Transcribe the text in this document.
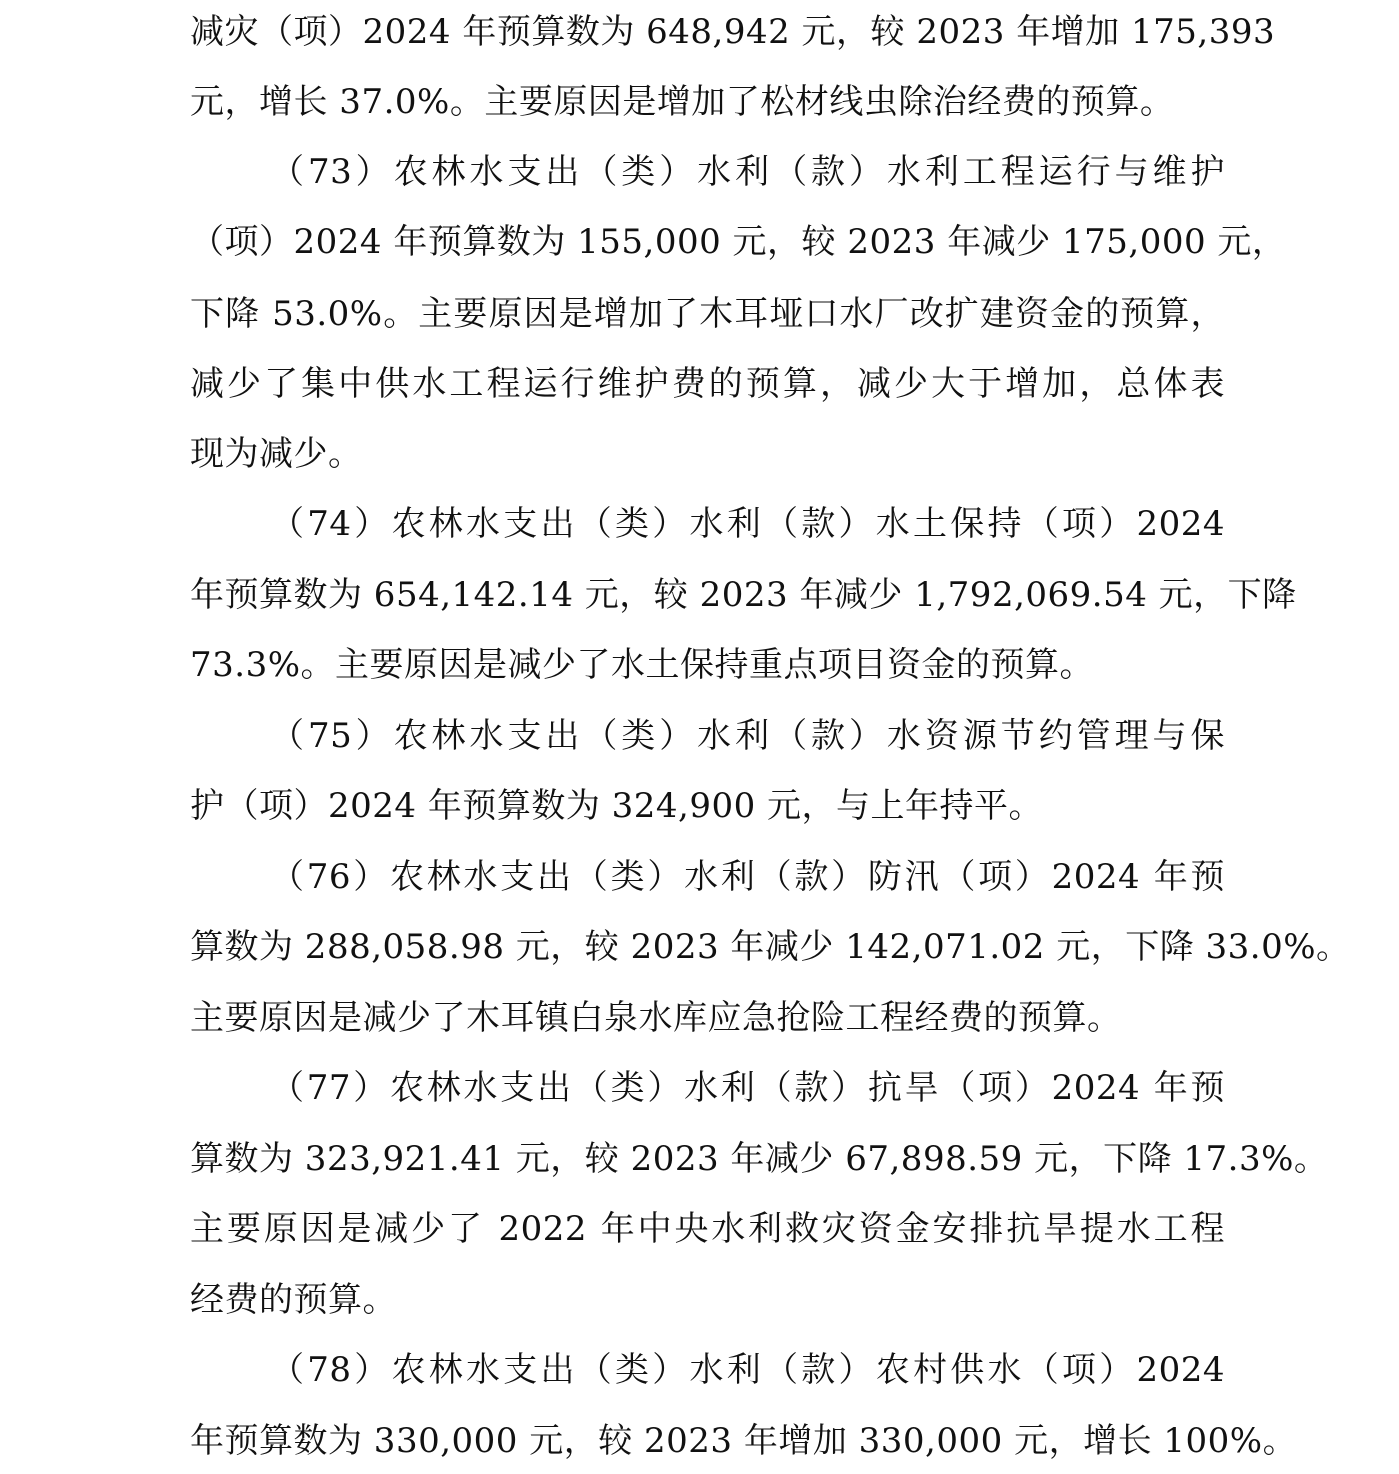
减灾（项）2024 年预算数为 648,942 元，较 2023 年增加 175,393
元，增长 37.0%。主要原因是增加了松材线虫除治经费的预算。
（73）农林水支出（类）水利（款）水利工程运行与维护
（项）2024 年预算数为 155,000 元，较 2023 年减少 175,000 元，
下降 53.0%。主要原因是增加了木耳垭口水厂改扩建资金的预算，
减少了集中供水工程运行维护费的预算，减少大于增加，总体表
现为减少。
（74）农林水支出（类）水利（款）水土保持（项）2024
年预算数为 654,142.14 元，较 2023 年减少 1,792,069.54 元，下降
73.3%。主要原因是减少了水土保持重点项目资金的预算。
（75）农林水支出（类）水利（款）水资源节约管理与保
护（项）2024 年预算数为 324,900 元，与上年持平。
（76）农林水支出（类）水利（款）防汛（项）2024 年预
算数为 288,058.98 元，较 2023 年减少 142,071.02 元，下降 33.0%。
主要原因是减少了木耳镇白泉水库应急抢险工程经费的预算。
（77）农林水支出（类）水利（款）抗旱（项）2024 年预
算数为 323,921.41 元，较 2023 年减少 67,898.59 元，下降 17.3%。
主要原因是减少了 2022 年中央水利救灾资金安排抗旱提水工程
经费的预算。
（78）农林水支出（类）水利（款）农村供水（项）2024
年预算数为 330,000 元，较 2023 年增加 330,000 元，增长 100%。
